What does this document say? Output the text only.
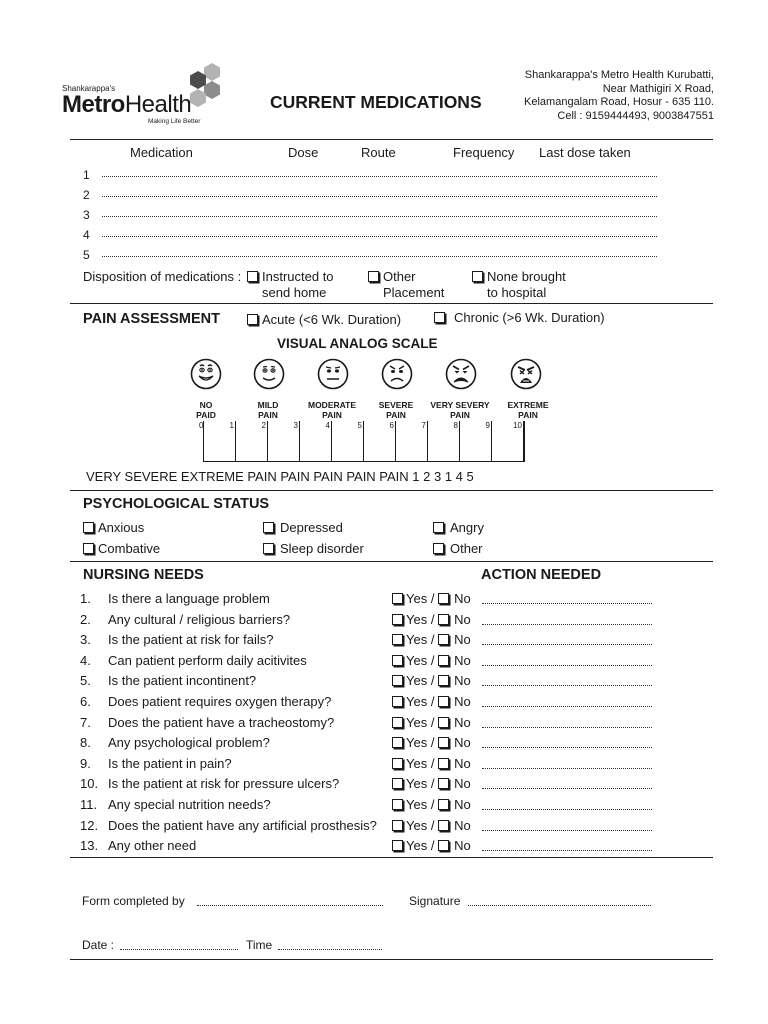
Shankarappa's
MetroHealth
Making Life Better
CURRENT MEDICATIONS
Shankarappa's Metro Health Kurubatti,
Near Mathigiri X Road,
Kelamangalam Road, Hosur - 635 110.
Cell : 9159444493, 9003847551
Medication	Dose	Route	Frequency Last dose taken
1
2
3
4
5
Disposition of medications :	Instructed to
send home
Other
Placement
None brought
to hospital
PAIN ASSESSMENT	Acute (<6 Wk. Duration)	Chronic (>6 Wk. Duration)
VISUAL ANALOG SCALE
NO
PAID
MILD
PAIN
MODERATE
PAIN
SEVERE
PAIN
VERY SEVERY
PAIN
EXTREME
PAIN
0	1	2	3	4	5	6	7	8	9	10
VERY SEVERE EXTREME PAIN PAIN PAIN PAIN PAIN 1 2 3 1 4 5
PSYCHOLOGICAL STATUS
Anxious	Depressed	Angry
Combative	Sleep disorder	Other
NURSING NEEDS	ACTION NEEDED
1.	Is there a language problem	Yes / No
2.	Any cultural / religious barriers?	Yes / No
3.	Is the patient at risk for fails?	Yes / No
4.	Can patient perform daily acitivites	Yes / No
5.	Is the patient incontinent?	Yes / No
6.	Does patient requires oxygen therapy?	Yes / No
7.	Does the patient have a tracheostomy?	Yes / No
8.	Any psychological problem?	Yes / No
9.	Is the patient in pain?	Yes / No
10. Is the patient at risk for pressure ulcers?	Yes / No
11. Any special nutrition needs?	Yes / No
12. Does the patient have any artificial prosthesis?	Yes / No
13. Any other need	Yes / No
Form completed by	Signature
Date :	Time
